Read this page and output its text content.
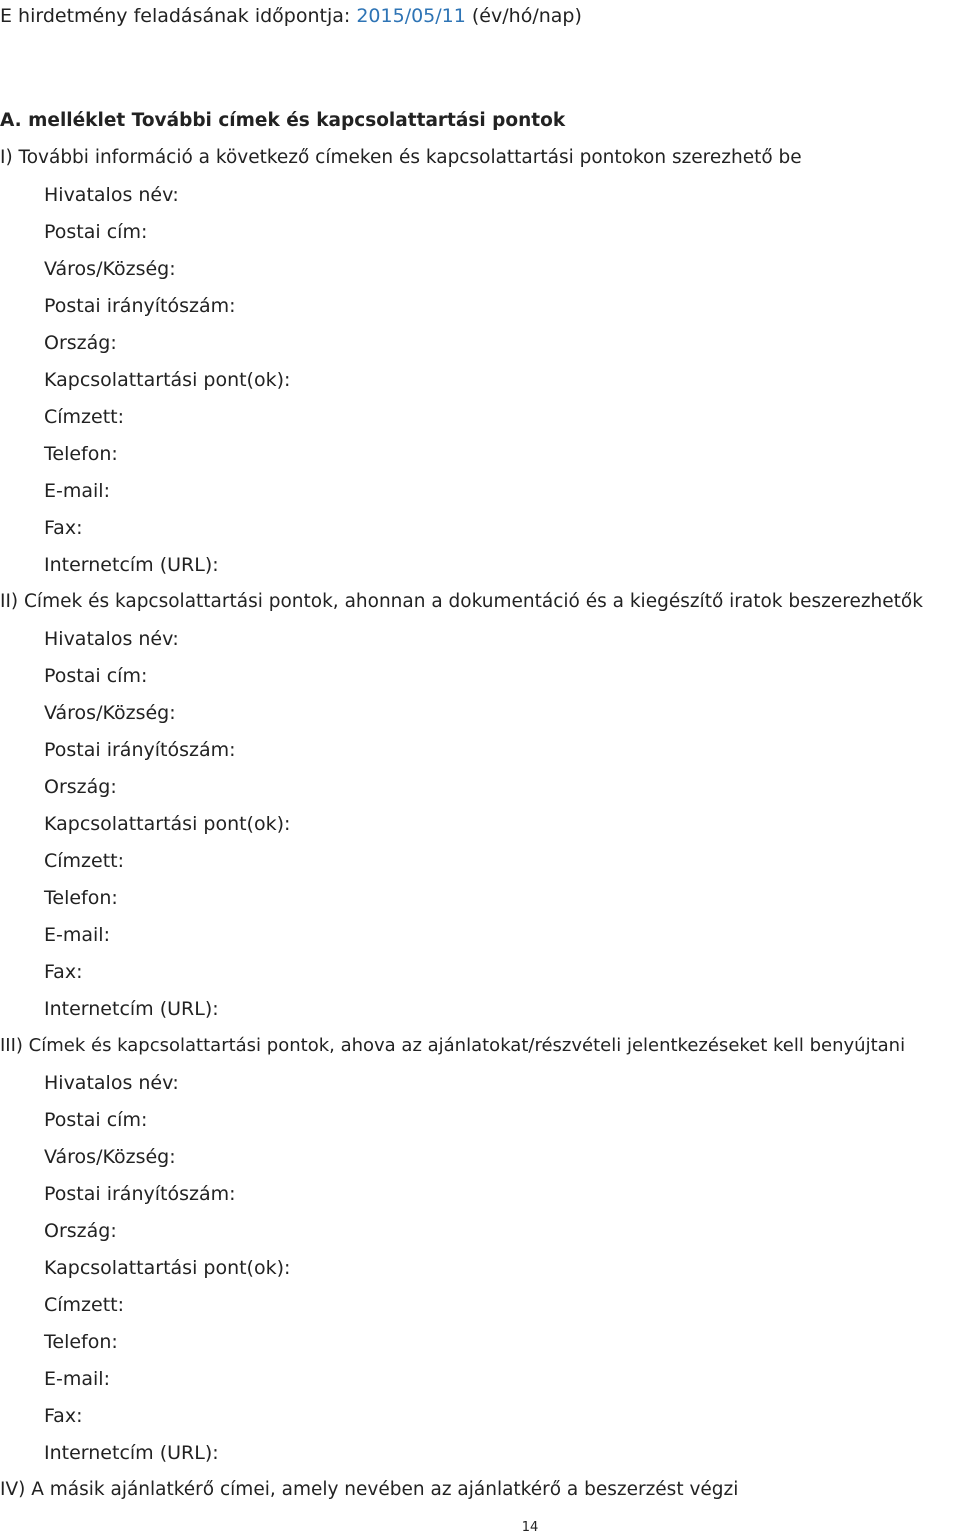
E hirdetmény feladásának időpontja: 2015/05/11 (év/hó/nap)
A. melléklet További címek és kapcsolattartási pontok
I) További információ a következő címeken és kapcsolattartási pontokon szerezhető be
Hivatalos név:
Postai cím:
Város/Község:
Postai irányítószám:
Ország:
Kapcsolattartási pont(ok):
Címzett:
Telefon:
E-mail:
Fax:
Internetcím (URL):
II) Címek és kapcsolattartási pontok, ahonnan a dokumentáció és a kiegészítő iratok beszerezhetők
Hivatalos név:
Postai cím:
Város/Község:
Postai irányítószám:
Ország:
Kapcsolattartási pont(ok):
Címzett:
Telefon:
E-mail:
Fax:
Internetcím (URL):
III) Címek és kapcsolattartási pontok, ahova az ajánlatokat/részvételi jelentkezéseket kell benyújtani
Hivatalos név:
Postai cím:
Város/Község:
Postai irányítószám:
Ország:
Kapcsolattartási pont(ok):
Címzett:
Telefon:
E-mail:
Fax:
Internetcím (URL):
IV) A másik ajánlatkérő címei, amely nevében az ajánlatkérő a beszerzést végzi
14
